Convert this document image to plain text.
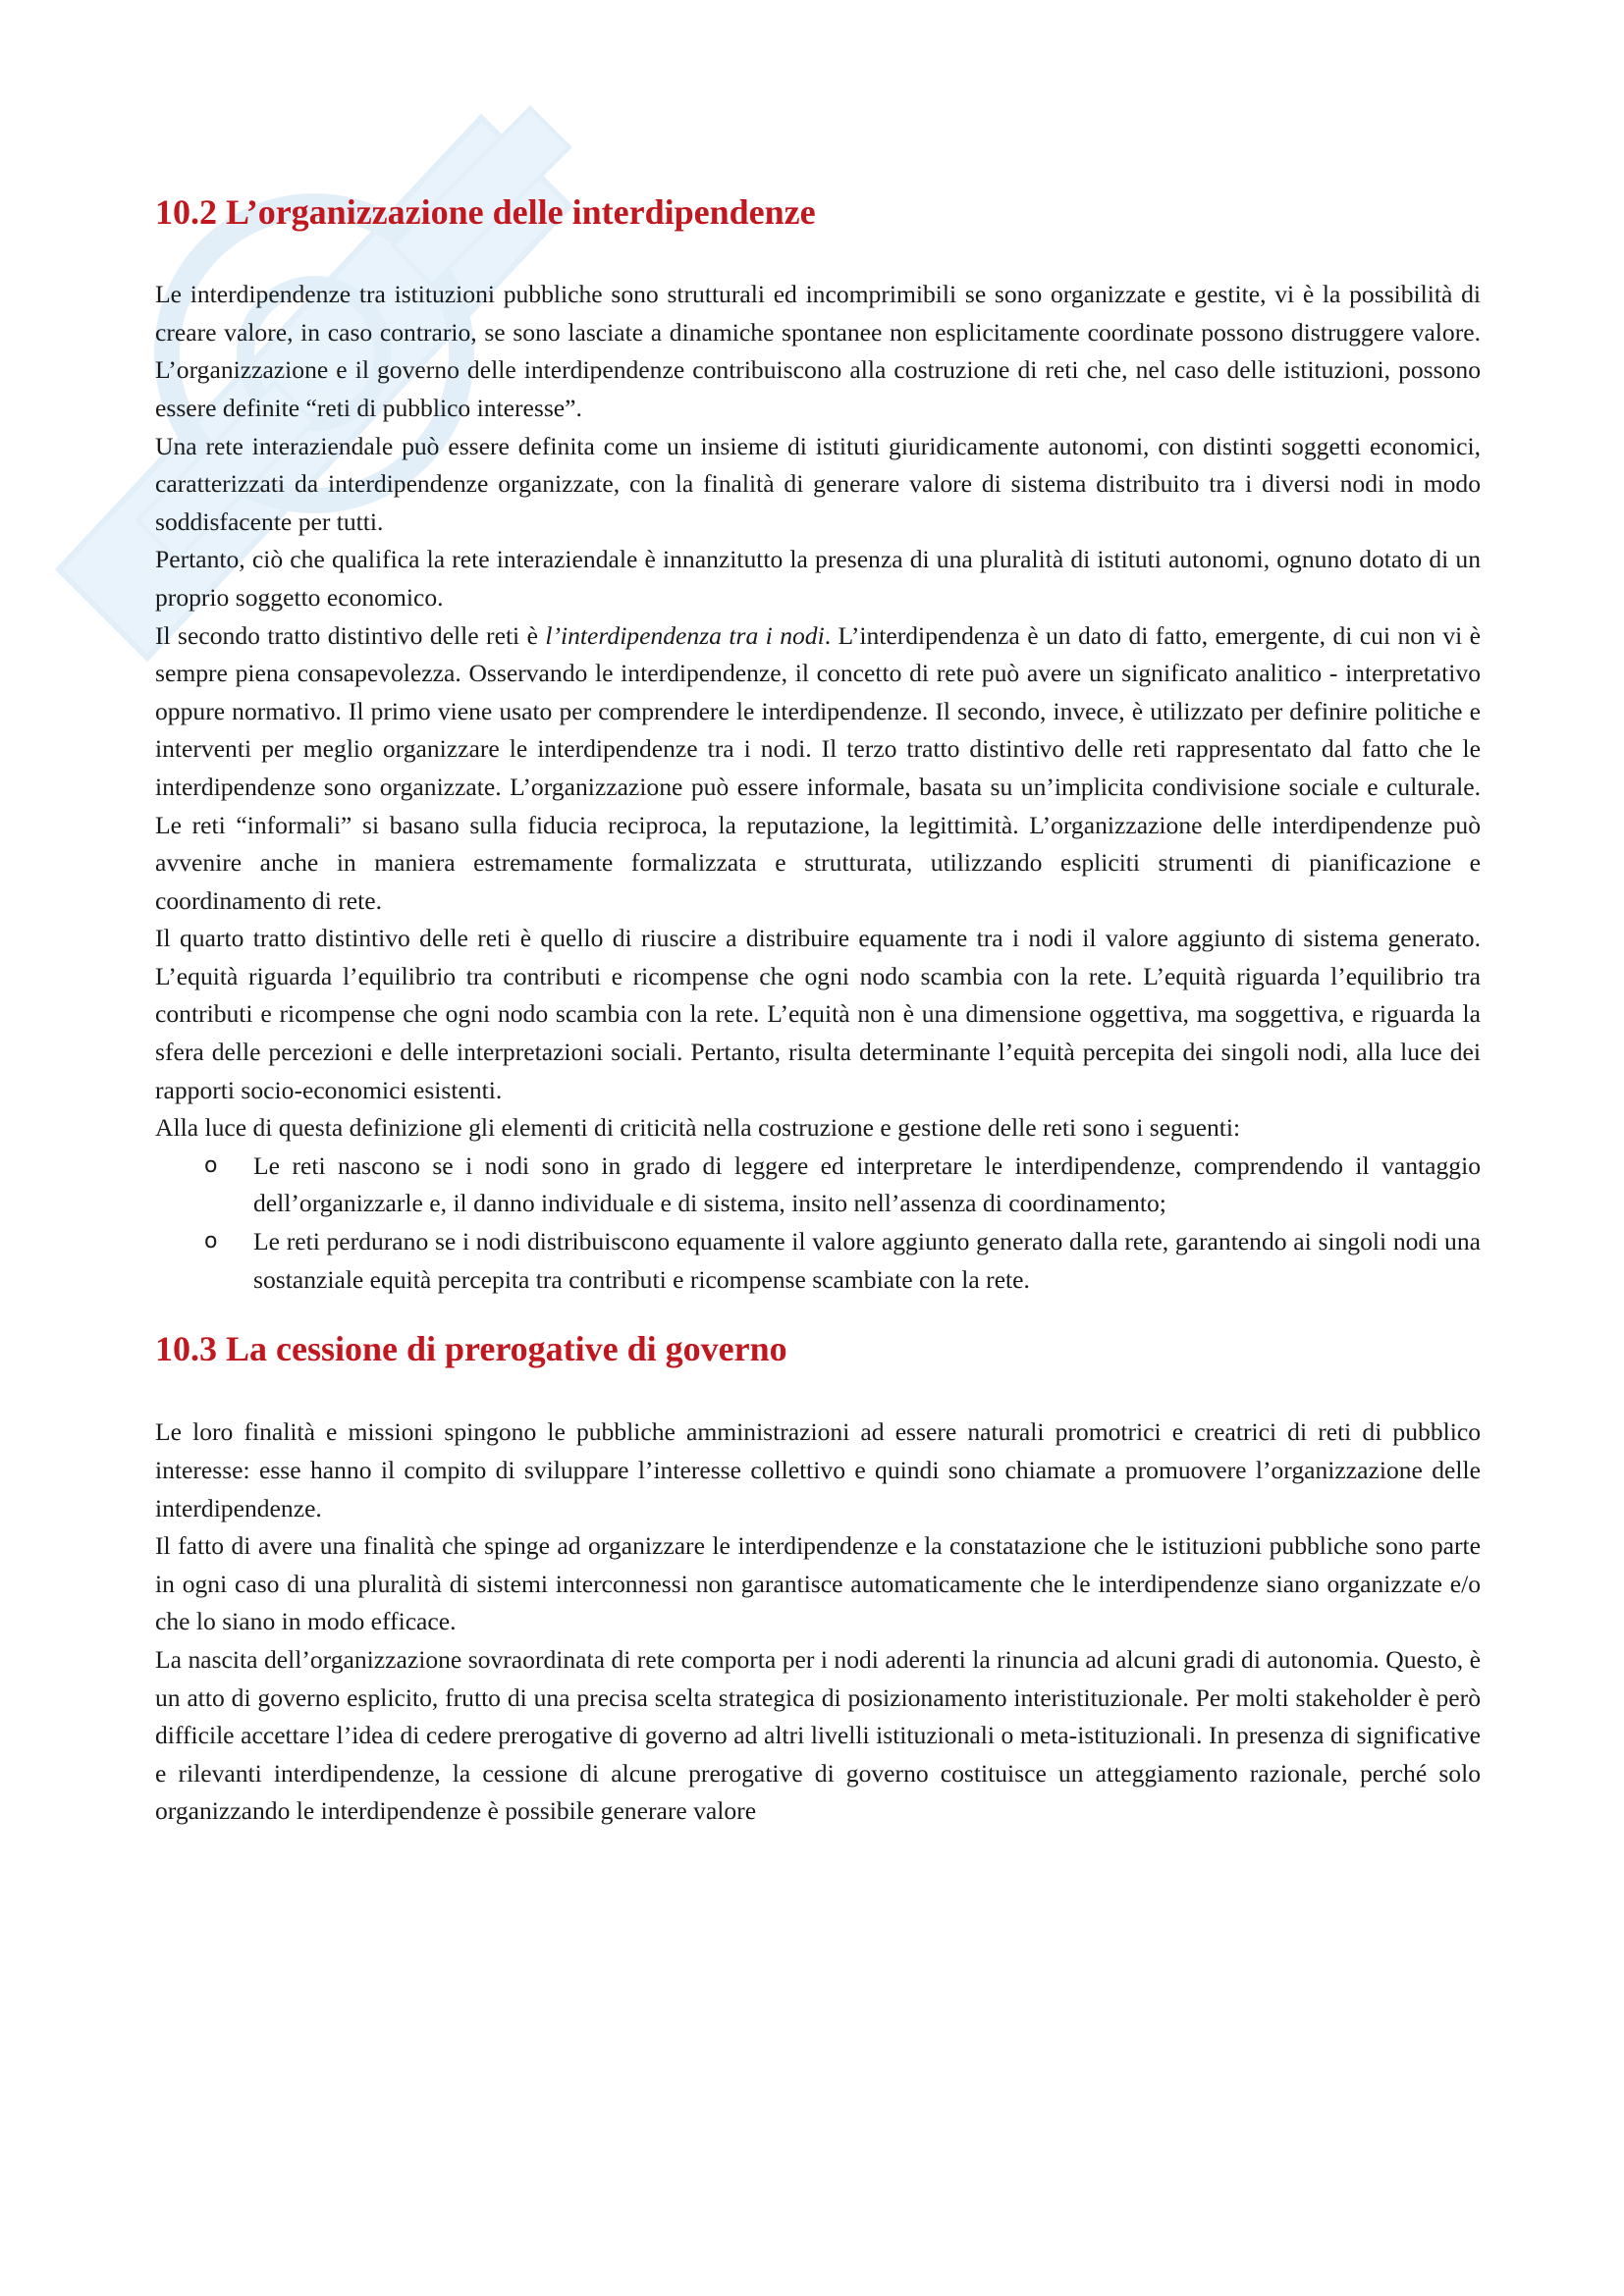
10.2 L’organizzazione delle interdipendenze

Le interdipendenze tra istituzioni pubbliche sono strutturali ed incomprimibili se sono organizzate e gestite, vi è la possibilità di creare valore, in caso contrario, se sono lasciate a dinamiche spontanee non esplicitamente coordinate possono distruggere valore. L’organizzazione e il governo delle interdipendenze contribuiscono alla costruzione di reti che, nel caso delle istituzioni, possono essere definite “reti di pubblico interesse”.

Una rete interaziendale può essere definita come un insieme di istituti giuridicamente autonomi, con distinti soggetti economici, caratterizzati da interdipendenze organizzate, con la finalità di generare valore di sistema distribuito tra i diversi nodi in modo soddisfacente per tutti.

Pertanto, ciò che qualifica la rete interaziendale è innanzitutto la presenza di una pluralità di istituti autonomi, ognuno dotato di un proprio soggetto economico.

Il secondo tratto distintivo delle reti è l’interdipendenza tra i nodi. L’interdipendenza è un dato di fatto, emergente, di cui non vi è sempre piena consapevolezza. Osservando le interdipendenze, il concetto di rete può avere un significato analitico - interpretativo oppure normativo. Il primo viene usato per comprendere le interdipendenze. Il secondo, invece, è utilizzato per definire politiche e interventi per meglio organizzare le interdipendenze tra i nodi. Il terzo tratto distintivo delle reti rappresentato dal fatto che le interdipendenze sono organizzate. L’organizzazione può essere informale, basata su un’implicita condivisione sociale e culturale. Le reti “informali” si basano sulla fiducia reciproca, la reputazione, la legittimità. L’organizzazione delle interdipendenze può avvenire anche in maniera estremamente formalizzata e strutturata, utilizzando espliciti strumenti di pianificazione e coordinamento di rete.

Il quarto tratto distintivo delle reti è quello di riuscire a distribuire equamente tra i nodi il valore aggiunto di sistema generato. L’equità riguarda l’equilibrio tra contributi e ricompense che ogni nodo scambia con la rete. L’equità riguarda l’equilibrio tra contributi e ricompense che ogni nodo scambia con la rete. L’equità non è una dimensione oggettiva, ma soggettiva, e riguarda la sfera delle percezioni e delle interpretazioni sociali. Pertanto, risulta determinante l’equità percepita dei singoli nodi, alla luce dei rapporti socio-economici esistenti.

Alla luce di questa definizione gli elementi di criticità nella costruzione e gestione delle reti sono i seguenti:

o Le reti nascono se i nodi sono in grado di leggere ed interpretare le interdipendenze, comprendendo il vantaggio dell’organizzarle e, il danno individuale e di sistema, insito nell’assenza di coordinamento;
o Le reti perdurano se i nodi distribuiscono equamente il valore aggiunto generato dalla rete, garantendo ai singoli nodi una sostanziale equità percepita tra contributi e ricompense scambiate con la rete.
10.3 La cessione di prerogative di governo

Le loro finalità e missioni spingono le pubbliche amministrazioni ad essere naturali promotrici e creatrici di reti di pubblico interesse: esse hanno il compito di sviluppare l’interesse collettivo e quindi sono chiamate a promuovere l’organizzazione delle interdipendenze.

Il fatto di avere una finalità che spinge ad organizzare le interdipendenze e la constatazione che le istituzioni pubbliche sono parte in ogni caso di una pluralità di sistemi interconnessi non garantisce automaticamente che le interdipendenze siano organizzate e/o che lo siano in modo efficace.

La nascita dell’organizzazione sovraordinata di rete comporta per i nodi aderenti la rinuncia ad alcuni gradi di autonomia. Questo, è un atto di governo esplicito, frutto di una precisa scelta strategica di posizionamento interistituzionale. Per molti stakeholder è però difficile accettare l’idea di cedere prerogative di governo ad altri livelli istituzionali o meta-istituzionali. In presenza di significative e rilevanti interdipendenze, la cessione di alcune prerogative di governo costituisce un atteggiamento razionale, perché solo organizzando le interdipendenze è possibile generare valore
